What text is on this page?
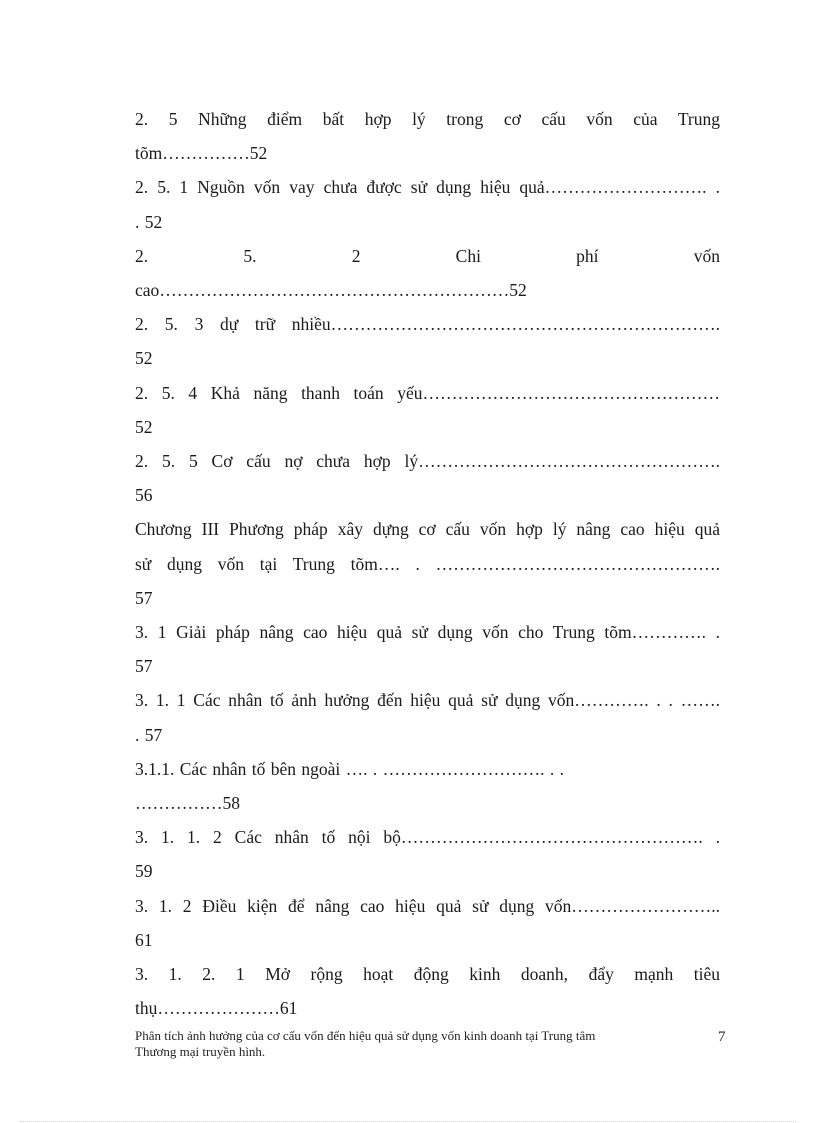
2. 5 Những điểm bất hợp lý trong cơ cấu vốn của Trung

tõm……………52

2. 5. 1 Nguồn vốn vay chưa được sử dụng hiệu quả………………………. .

. 52

2. 5. 2 Chi phí vốn

cao……………………………………………………52

2. 5. 3 dự trữ nhiều………………………………………………………….

52

2. 5. 4 Khả năng thanh toán yếu……………………………………………

52

2. 5. 5 Cơ cấu nợ chưa hợp lý…………………………………………….

56

Chương III Phương pháp xây dựng cơ cấu vốn hợp lý nâng cao hiệu quả

sử dụng vốn tại Trung tõm…. . ………………………………………….

57

3. 1 Giải pháp nâng cao hiệu quả sử dụng vốn cho Trung tõm…………. .

57

3. 1. 1 Các nhân tố ảnh hưởng đến hiệu quả sử dụng vốn…………. . . …….

. 57

3.1.1. Các nhân tố bên ngoài …. . ………………………. . .

……………58

3. 1. 1. 2 Các nhân tố nội bộ……………………………………………. .

59

3. 1. 2 Điều kiện để nâng cao hiệu quả sử dụng vốn……………………..

61

3. 1. 2. 1 Mở rộng hoạt động kinh doanh, đẩy mạnh tiêu

thụ…………………61

Phân tích ảnh hưởng của cơ cấu vốn đến hiệu quả sử dụng vốn kinh doanh tại Trung tâm
Thương mại truyền hình.
7
